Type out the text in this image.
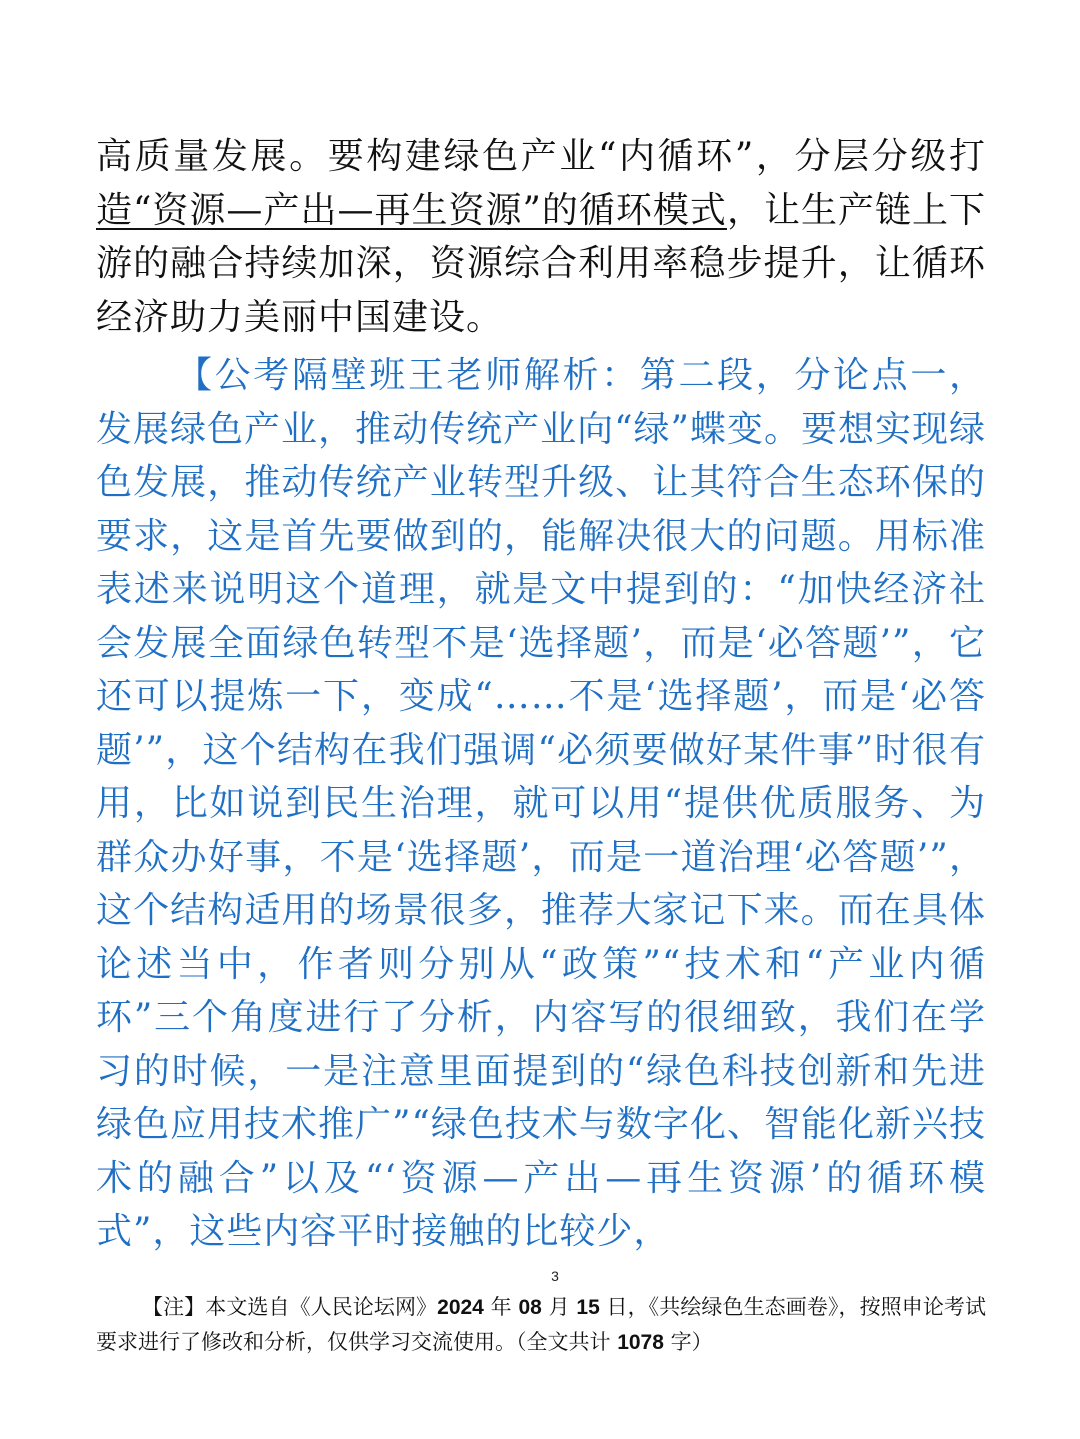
高质量发展。要构建绿色产业“内循环”，分层分级打造“资源—产出—再生资源”的循环模式，让生产链上下游的融合持续加深，资源综合利用率稳步提升，让循环经济助力美丽中国建设。

【公考隔壁班王老师解析：第二段，分论点一，发展绿色产业，推动传统产业向“绿”蝶变。要想实现绿色发展，推动传统产业转型升级、让其符合生态环保的要求，这是首先要做到的，能解决很大的问题。用标准表述来说明这个道理，就是文中提到的：“加快经济社会发展全面绿色转型不是‘选择题’，而是‘必答题’”，它还可以提炼一下，变成“……不是‘选择题’，而是‘必答题’”，这个结构在我们强调“必须要做好某件事”时很有用，比如说到民生治理，就可以用“提供优质服务、为群众办好事，不是‘选择题’，而是一道治理‘必答题’”，这个结构适用的场景很多，推荐大家记下来。而在具体论述当中，作者则分别从“政策”“技术和“产业内循环”三个角度进行了分析，内容写的很细致，我们在学习的时候，一是注意里面提到的“绿色科技创新和先进绿色应用技术推广”“绿色技术与数字化、智能化新兴技术的融合”以及“‘资源—产出—再生资源’的循环模式”，这些内容平时接触的比较少，

3

【注】本文选自《人民论坛网》2024 年 08 月 15 日，《共绘绿色生态画卷》，按照申论考试要求进行了修改和分析，仅供学习交流使用。（全文共计 1078 字）
